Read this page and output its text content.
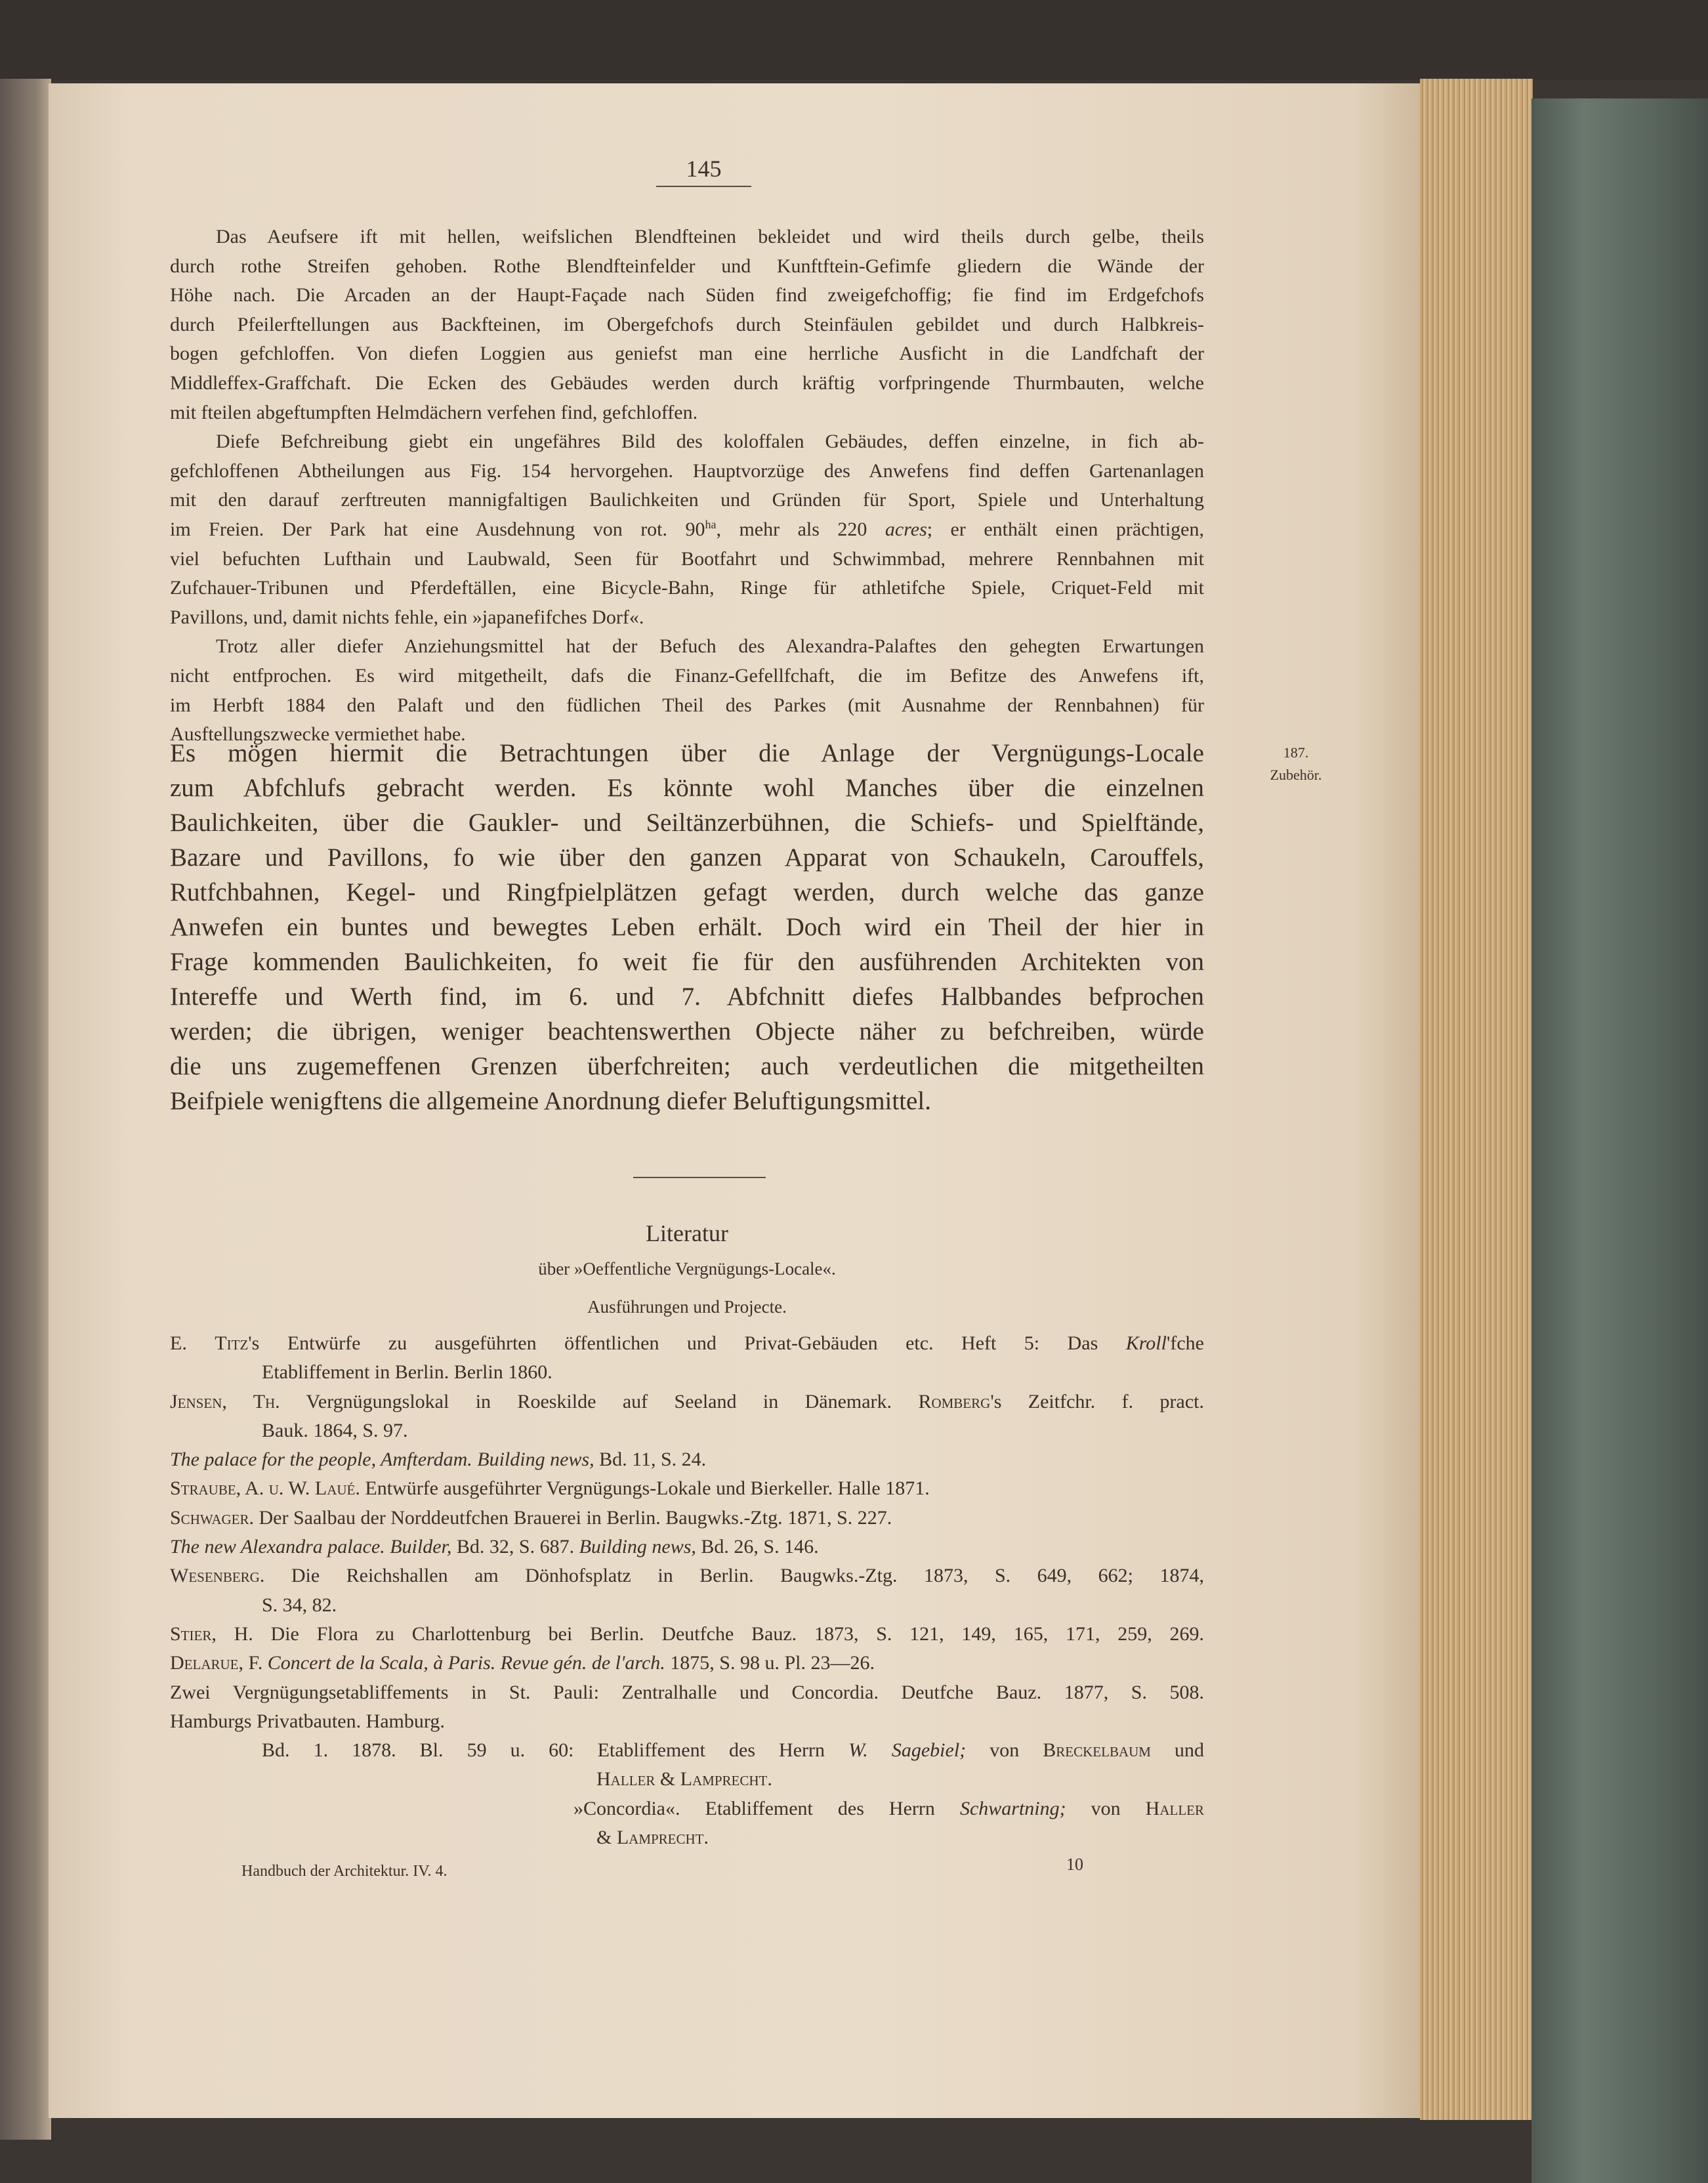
145
Das Aeufsere ift mit hellen, weifslichen Blendfteinen bekleidet und wird theils durch gelbe, theils
durch rothe Streifen gehoben. Rothe Blendfteinfelder und Kunftftein-Gefimfe gliedern die Wände der
Höhe nach. Die Arcaden an der Haupt-Façade nach Süden find zweigefchoffig; fie find im Erdgefchofs
durch Pfeilerftellungen aus Backfteinen, im Obergefchofs durch Steinfäulen gebildet und durch Halbkreis-
bogen gefchloffen. Von diefen Loggien aus geniefst man eine herrliche Ausficht in die Landfchaft der
Middleffex-Graffchaft. Die Ecken des Gebäudes werden durch kräftig vorfpringende Thurmbauten, welche
mit fteilen abgeftumpften Helmdächern verfehen find, gefchloffen.
Diefe Befchreibung giebt ein ungefähres Bild des koloffalen Gebäudes, deffen einzelne, in fich ab-
gefchloffenen Abtheilungen aus Fig. 154 hervorgehen. Hauptvorzüge des Anwefens find deffen Gartenanlagen
mit den darauf zerftreuten mannigfaltigen Baulichkeiten und Gründen für Sport, Spiele und Unterhaltung
im Freien. Der Park hat eine Ausdehnung von rot. $90^{ha}$, mehr als 220 acres; er enthält einen prächtigen,
viel befuchten Lufthain und Laubwald, Seen für Bootfahrt und Schwimmbad, mehrere Rennbahnen mit
Zufchauer-Tribunen und Pferdeftällen, eine Bicycle-Bahn, Ringe für athletifche Spiele, Criquet-Feld mit
Pavillons, und, damit nichts fehle, ein »japanefifches Dorf«.
Trotz aller diefer Anziehungsmittel hat der Befuch des Alexandra-Palaftes den gehegten Erwartungen
nicht entfprochen. Es wird mitgetheilt, dafs die Finanz-Gefellfchaft, die im Befitze des Anwefens ift,
im Herbft 1884 den Palaft und den füdlichen Theil des Parkes (mit Ausnahme der Rennbahnen) für
Ausftellungszwecke vermiethet habe.
Es mögen hiermit die Betrachtungen über die Anlage der Vergnügungs-Locale
zum Abfchlufs gebracht werden. Es könnte wohl Manches über die einzelnen
Baulichkeiten, über die Gaukler- und Seiltänzerbühnen, die Schiefs- und Spielftände,
Bazare und Pavillons, fo wie über den ganzen Apparat von Schaukeln, Carouffels,
Rutfchbahnen, Kegel- und Ringfpielplätzen gefagt werden, durch welche das ganze
Anwefen ein buntes und bewegtes Leben erhält. Doch wird ein Theil der hier in
Frage kommenden Baulichkeiten, fo weit fie für den ausführenden Architekten von
Intereffe und Werth find, im 6. und 7. Abfchnitt diefes Halbbandes befprochen
werden; die übrigen, weniger beachtenswerthen Objecte näher zu befchreiben, würde
die uns zugemeffenen Grenzen überfchreiten; auch verdeutlichen die mitgetheilten
Beifpiele wenigftens die allgemeine Anordnung diefer Beluftigungsmittel.
187.
Zubehör.
Literatur
über »Oeffentliche Vergnügungs-Locale«.
Ausführungen und Projecte.
E. Titz's Entwürfe zu ausgeführten öffentlichen und Privat-Gebäuden etc. Heft 5: Das Kroll'fche
Etabliffement in Berlin. Berlin 1860.
Jensen, Th. Vergnügungslokal in Roeskilde auf Seeland in Dänemark. Romberg's Zeitfchr. f. pract.
Bauk. 1864, S. 97.
The palace for the people, Amfterdam. Building news, Bd. 11, S. 24.
Straube, A. u. W. Laué. Entwürfe ausgeführter Vergnügungs-Lokale und Bierkeller. Halle 1871.
Schwager. Der Saalbau der Norddeutfchen Brauerei in Berlin. Baugwks.-Ztg. 1871, S. 227.
The new Alexandra palace. Builder, Bd. 32, S. 687. Building news, Bd. 26, S. 146.
Wesenberg. Die Reichshallen am Dönhofsplatz in Berlin. Baugwks.-Ztg. 1873, S. 649, 662; 1874,
S. 34, 82.
Stier, H. Die Flora zu Charlottenburg bei Berlin. Deutfche Bauz. 1873, S. 121, 149, 165, 171, 259, 269.
Delarue, F. Concert de la Scala, à Paris. Revue gén. de l'arch. 1875, S. 98 u. Pl. 23—26.
Zwei Vergnügungsetabliffements in St. Pauli: Zentralhalle und Concordia. Deutfche Bauz. 1877, S. 508.
Hamburgs Privatbauten. Hamburg.
Bd. 1. 1878. Bl. 59 u. 60: Etabliffement des Herrn W. Sagebiel; von Breckelbaum und
Haller & Lamprecht.
»Concordia«. Etabliffement des Herrn Schwartning; von Haller
& Lamprecht.
Handbuch der Architektur. IV. 4.	10
